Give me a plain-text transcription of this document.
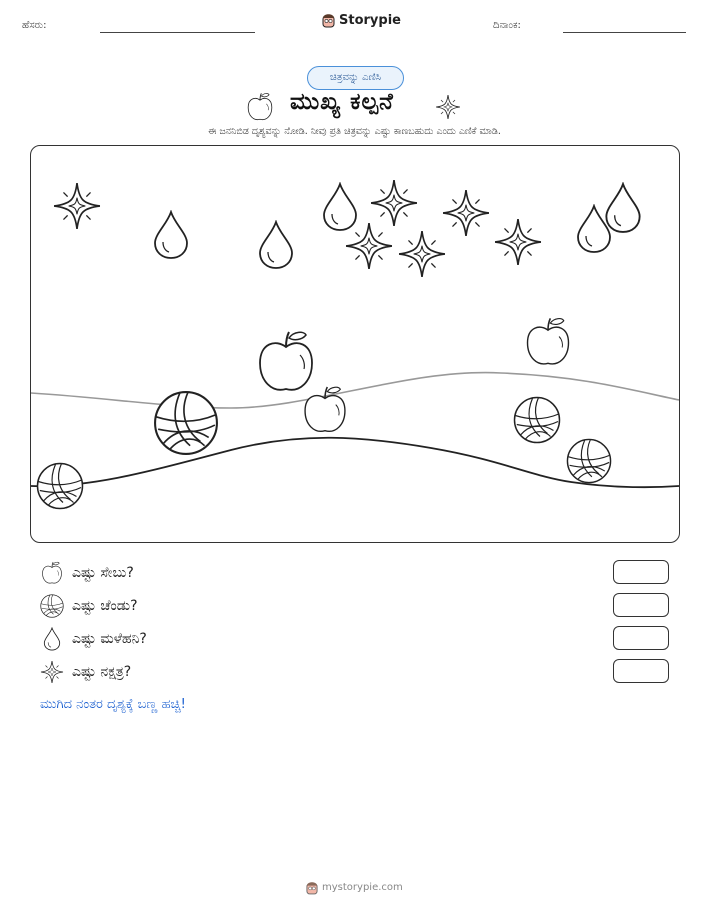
ಹೆಸರು:	Storypie	ದಿನಾಂಕ:
ಚಿತ್ರವನ್ನು ಎಣಿಸಿ
ಮುಖ್ಯ ಕಲ್ಪನೆ
ಈ ಜನನಿಬಿಡ ದೃಶ್ಯವನ್ನು ನೋಡಿ. ನೀವು ಪ್ರತಿ ಚಿತ್ರವನ್ನು ಎಷ್ಟು ಕಾಣಬಹುದು ಎಂದು ಎಣಿಕೆ ಮಾಡಿ.
ಎಷ್ಟು ಸೇಬು?
ಎಷ್ಟು ಚೆಂಡು?
ಎಷ್ಟು ಮಳೆಹನಿ?
ಎಷ್ಟು ನಕ್ಷತ್ರ?
ಮುಗಿದ ನಂತರ ದೃಶ್ಯಕ್ಕೆ ಬಣ್ಣ ಹಚ್ಚಿ!
mystorypie.com
